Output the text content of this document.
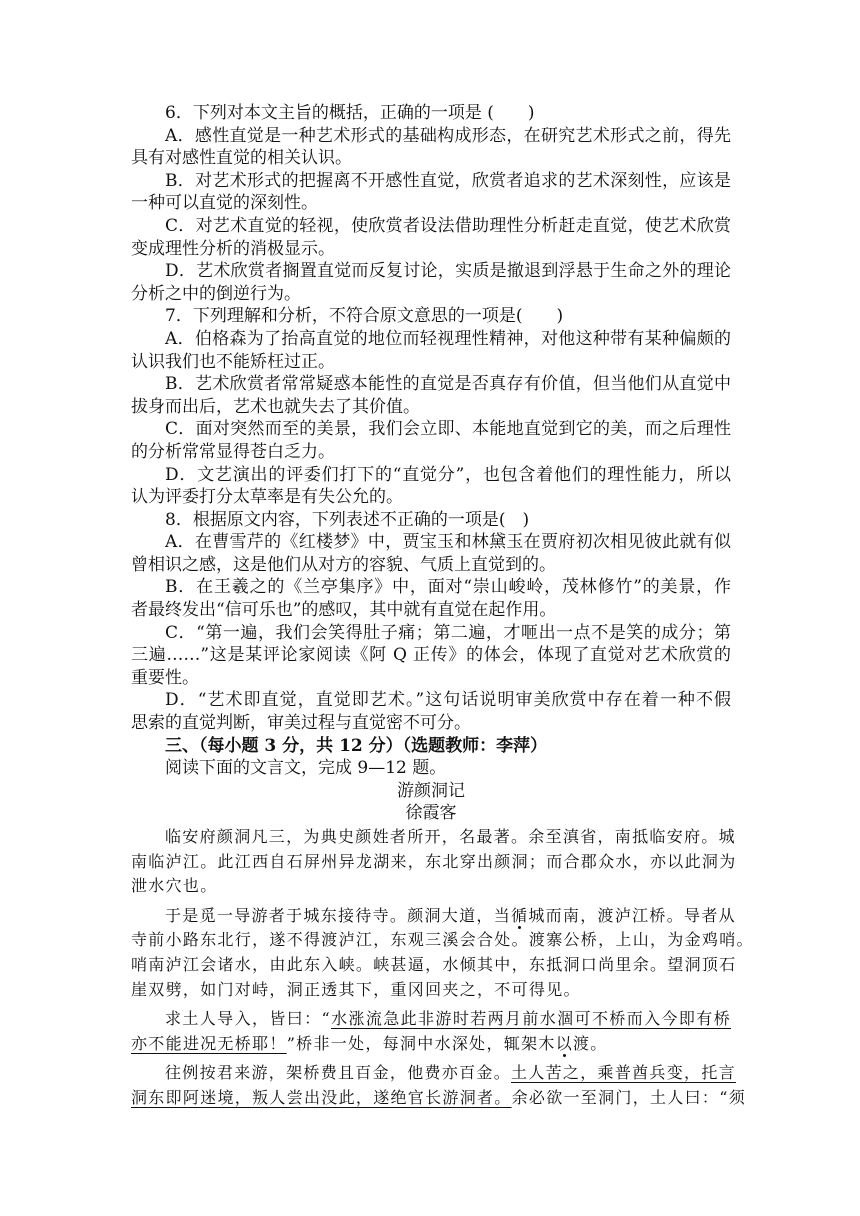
6．下列对本文主旨的概括，正确的一项是 (　　)
A．感性直觉是一种艺术形式的基础构成形态，在研究艺术形式之前，得先
具有对感性直觉的相关认识。
B．对艺术形式的把握离不开感性直觉，欣赏者追求的艺术深刻性，应该是
一种可以直觉的深刻性。
C．对艺术直觉的轻视，使欣赏者设法借助理性分析赶走直觉，使艺术欣赏
变成理性分析的消极显示。
D．艺术欣赏者搁置直觉而反复讨论，实质是撤退到浮悬于生命之外的理论
分析之中的倒逆行为。
7．下列理解和分析，不符合原文意思的一项是(　　)
A．伯格森为了抬高直觉的地位而轻视理性精神，对他这种带有某种偏颇的
认识我们也不能矫枉过正。
B．艺术欣赏者常常疑惑本能性的直觉是否真存有价值，但当他们从直觉中
拔身而出后，艺术也就失去了其价值。
C．面对突然而至的美景，我们会立即、本能地直觉到它的美，而之后理性
的分析常常显得苍白乏力。
D．文艺演出的评委们打下的“直觉分”，也包含着他们的理性能力，所以
认为评委打分太草率是有失公允的。
8．根据原文内容，下列表述不正确的一项是(　)
A．在曹雪芹的《红楼梦》中，贾宝玉和林黛玉在贾府初次相见彼此就有似
曾相识之感，这是他们从对方的容貌、气质上直觉到的。
B．在王羲之的《兰亭集序》中，面对“崇山峻岭，茂林修竹”的美景，作
者最终发出“信可乐也”的感叹，其中就有直觉在起作用。
C．“第一遍，我们会笑得肚子痛；第二遍，才咂出一点不是笑的成分；第
三遍……”这是某评论家阅读《阿 Q 正传》的体会，体现了直觉对艺术欣赏的
重要性。
D．“艺术即直觉，直觉即艺术。”这句话说明审美欣赏中存在着一种不假
思索的直觉判断，审美过程与直觉密不可分。
三、（每小题 3 分，共 12 分）（选题教师：李萍）
阅读下面的文言文，完成 9—12 题。
游颜洞记
徐霞客
临安府颜洞凡三，为典史颜姓者所开，名最著。余至滇省，南抵临安府。城
南临泸江。此江西自石屏州异龙湖来，东北穿出颜洞；而合郡众水，亦以此洞为
泄水穴也。
于是觅一导游者于城东接待寺。颜洞大道，当循城而南，渡泸江桥。导者从
寺前小路东北行，遂不得渡泸江，东观三溪会合处。渡寨公桥，上山，为金鸡哨。
哨南泸江会诸水，由此东入峡。峡甚逼，水倾其中，东抵洞口尚里余。望洞顶石
崖双劈，如门对峙，洞正透其下，重冈回夹之，不可得见。
求土人导入，皆曰：“水涨流急此非游时若两月前水涸可不桥而入今即有桥
亦不能进况无桥耶！”桥非一处，每洞中水深处，辄架木以渡。
往例按君来游，架桥费且百金，他费亦百金。土人苦之，乘普酋兵变，托言
洞东即阿迷境，叛人尝出没此，遂绝官长游洞者。余必欲一至洞门，土人曰：“须
